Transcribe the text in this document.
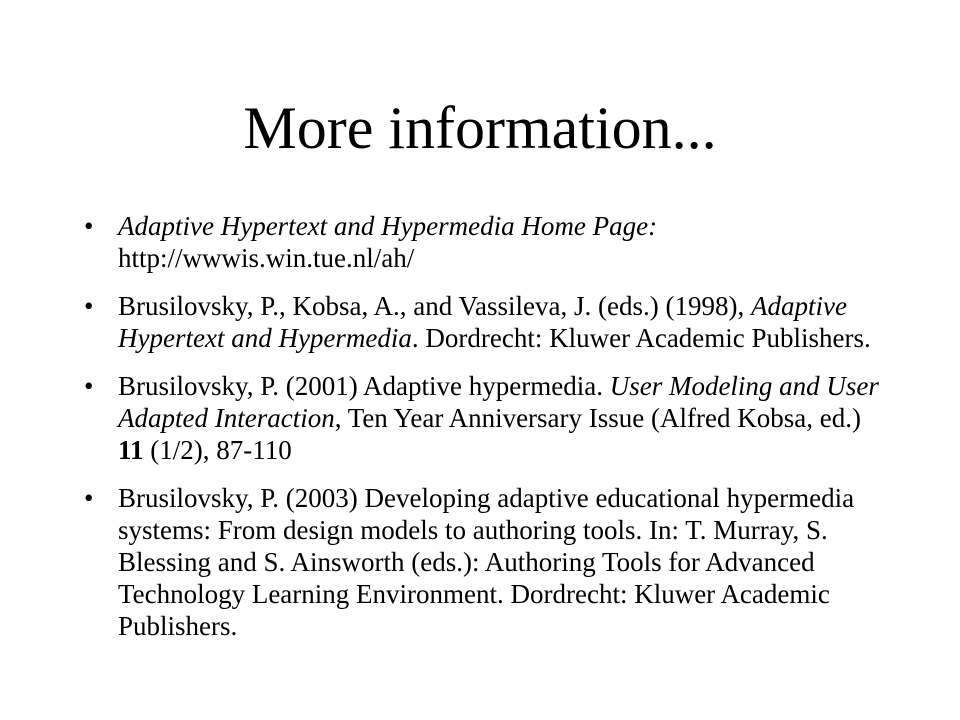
More information...
• Adaptive Hypertext and Hypermedia Home Page: http://wwwis.win.tue.nl/ah/
• Brusilovsky, P., Kobsa, A., and Vassileva, J. (eds.) (1998), Adaptive Hypertext and Hypermedia. Dordrecht: Kluwer Academic Publishers.
• Brusilovsky, P. (2001) Adaptive hypermedia. User Modeling and User Adapted Interaction, Ten Year Anniversary Issue (Alfred Kobsa, ed.) 11 (1/2), 87-110
• Brusilovsky, P. (2003) Developing adaptive educational hypermedia systems: From design models to authoring tools. In: T. Murray, S. Blessing and S. Ainsworth (eds.): Authoring Tools for Advanced Technology Learning Environment. Dordrecht: Kluwer Academic Publishers.
